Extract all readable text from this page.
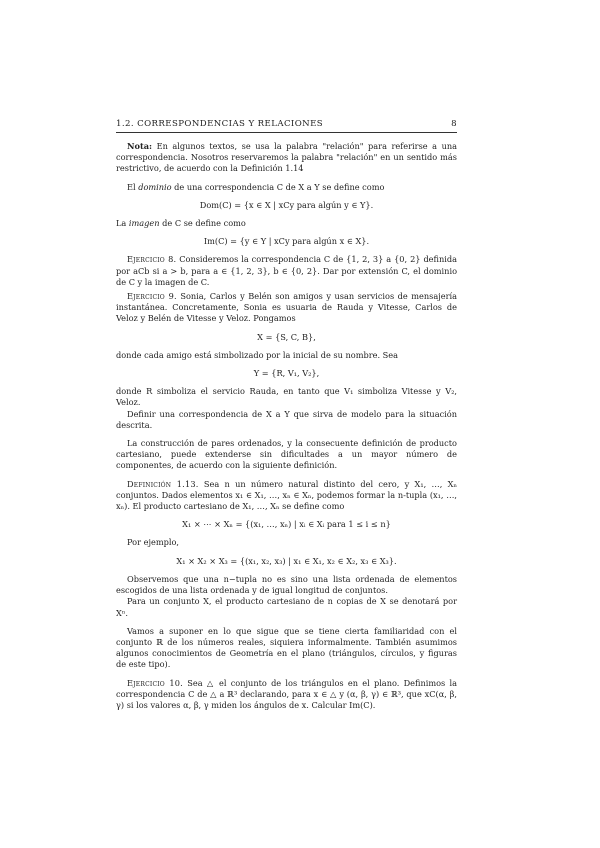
1.2. CORRESPONDENCIAS Y RELACIONES	8

Nota: En algunos textos, se usa la palabra "relación" para referirse a una correspondencia. Nosotros reservaremos la palabra "relación" en un sentido más restrictivo, de acuerdo con la Definición 1.14

El dominio de una correspondencia C de X a Y se define como

Dom(C) = {x ∈ X | xCy para algún y ∈ Y}.

La imagen de C se define como

Im(C) = {y ∈ Y | xCy para algún x ∈ X}.

Ejercicio 8. Consideremos la correspondencia C de {1, 2, 3} a {0, 2} definida por aCb si a > b, para a ∈ {1, 2, 3}, b ∈ {0, 2}. Dar por extensión C, el dominio de C y la imagen de C.

Ejercicio 9. Sonia, Carlos y Belén son amigos y usan servicios de mensajería instantánea. Concretamente, Sonia es usuaria de Rauda y Vitesse, Carlos de Veloz y Belén de Vitesse y Veloz. Pongamos

X = {S, C, B},

donde cada amigo está simbolizado por la inicial de su nombre. Sea

Y = {R, V₁, V₂},

donde R simboliza el servicio Rauda, en tanto que V₁ simboliza Vitesse y V₂, Veloz.

Definir una correspondencia de X a Y que sirva de modelo para la situación descrita.

La construcción de pares ordenados, y la consecuente definición de producto cartesiano, puede extenderse sin dificultades a un mayor número de componentes, de acuerdo con la siguiente definición.

Definición 1.13. Sea n un número natural distinto del cero, y X₁, …, Xₙ conjuntos. Dados elementos x₁ ∈ X₁, …, xₙ ∈ Xₙ, podemos formar la n-tupla (x₁, …, xₙ). El producto cartesiano de X₁, …, Xₙ se define como

X₁ × ⋯ × Xₙ = {(x₁, …, xₙ) | xᵢ ∈ Xᵢ para 1 ≤ i ≤ n}

Por ejemplo,

X₁ × X₂ × X₃ = {(x₁, x₂, x₃) | x₁ ∈ X₁, x₂ ∈ X₂, x₃ ∈ X₃}.

Observemos que una n−tupla no es sino una lista ordenada de elementos escogidos de una lista ordenada y de igual longitud de conjuntos.

Para un conjunto X, el producto cartesiano de n copias de X se denotará por Xⁿ.

Vamos a suponer en lo que sigue que se tiene cierta familiaridad con el conjunto ℝ de los números reales, siquiera informalmente. También asumimos algunos conocimientos de Geometría en el plano (triángulos, círculos, y figuras de este tipo).

Ejercicio 10. Sea △ el conjunto de los triángulos en el plano. Definimos la correspondencia C de △ a ℝ³ declarando, para x ∈ △ y (α, β, γ) ∈ ℝ³, que xC(α, β, γ) si los valores α, β, γ miden los ángulos de x. Calcular Im(C).
